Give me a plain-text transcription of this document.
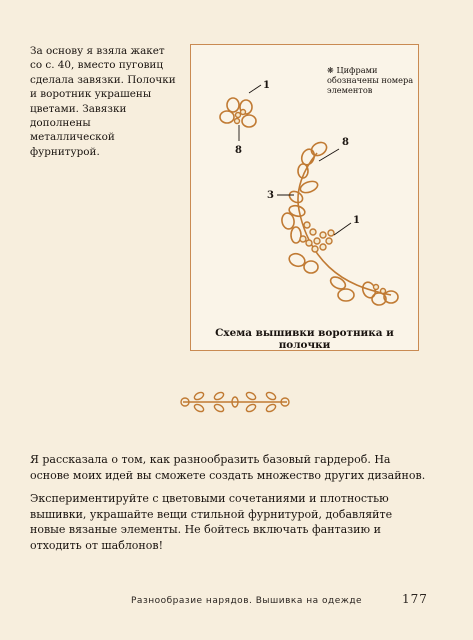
За основу я взяла жакет со с. 40, вместо пуговиц сделала завязки. Полочки и воротник украшены цветами. Завязки дополнены металлической фурнитурой.

❋ Цифрами обозначены номера элементов

1
8
8
3
1
Схема вышивки воротника и полочки

Я рассказала о том, как разнообразить базовый гардероб. На основе моих идей вы сможете создать множество других дизайнов.

Экспериментируйте с цветовыми сочетаниями и плотностью вышивки, украшайте вещи стильной фурнитурой, добавляйте новые вязаные элементы. Не бойтесь включать фантазию и отходить от шаблонов!

Разнообразие нарядов. Вышивка на одежде	177
